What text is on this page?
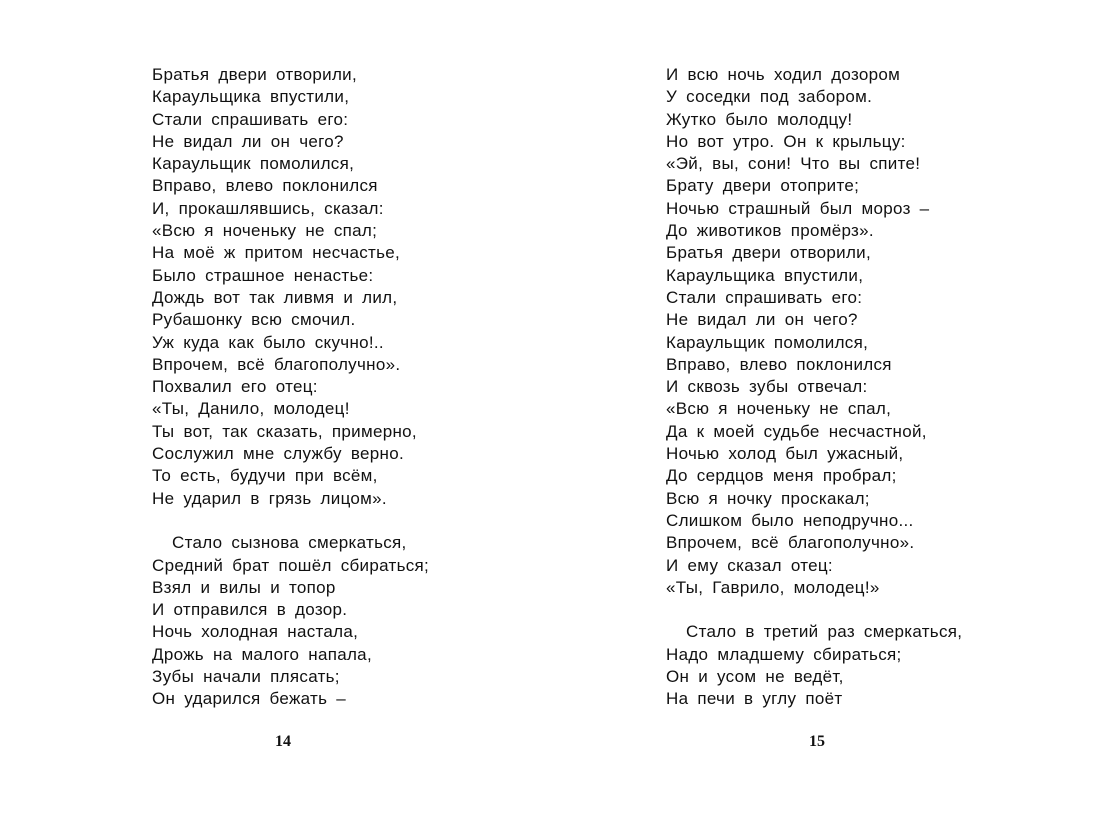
Братья двери отворили,
Караульщика впустили,
Стали спрашивать его:
Не видал ли он чего?
Караульщик помолился,
Вправо, влево поклонился
И, прокашлявшись, сказал:
«Всю я ноченьку не спал;
На моё ж притом несчастье,
Было страшное ненастье:
Дождь вот так ливмя и лил,
Рубашонку всю смочил.
Уж куда как было скучно!..
Впрочем, всё благополучно».
Похвалил его отец:
«Ты, Данило, молодец!
Ты вот, так сказать, примерно,
Сослужил мне службу верно.
То есть, будучи при всём,
Не ударил в грязь лицом».
Стало сызнова смеркаться,
Средний брат пошёл сбираться;
Взял и вилы и топор
И отправился в дозор.
Ночь холодная настала,
Дрожь на малого напала,
Зубы начали плясать;
Он ударился бежать –
И всю ночь ходил дозором
У соседки под забором.
Жутко было молодцу!
Но вот утро. Он к крыльцу:
«Эй, вы, сони! Что вы спите!
Брату двери отоприте;
Ночью страшный был мороз –
До животиков промёрз».
Братья двери отворили,
Караульщика впустили,
Стали спрашивать его:
Не видал ли он чего?
Караульщик помолился,
Вправо, влево поклонился
И сквозь зубы отвечал:
«Всю я ноченьку не спал,
Да к моей судьбе несчастной,
Ночью холод был ужасный,
До сердцов меня пробрал;
Всю я ночку проскакал;
Слишком было неподручно...
Впрочем, всё благополучно».
И ему сказал отец:
«Ты, Гаврило, молодец!»
Стало в третий раз смеркаться,
Надо младшему сбираться;
Он и усом не ведёт,
На печи в углу поёт
14	15
